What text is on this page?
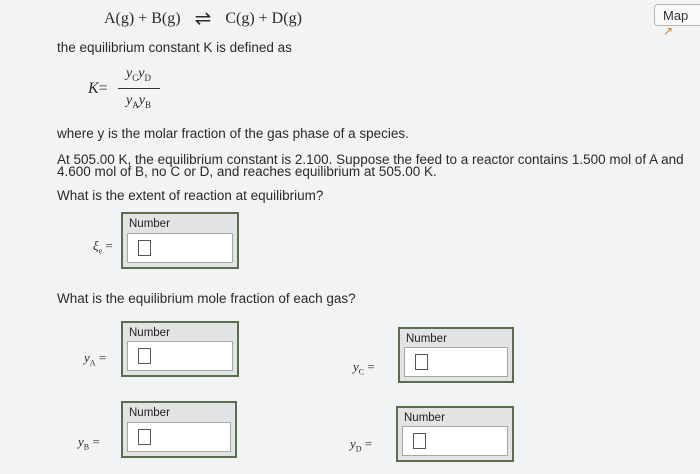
A(g) + B(g) ⇌ C(g) + D(g)	Map ↗
the equilibrium constant K is defined as
K=
$y_Cy_D$
$y_Ay_B$
where y is the molar fraction of the gas phase of a species.
At 505.00 K, the equilibrium constant is 2.100. Suppose the feed to a reactor contains 1.500 mol of A and
4.600 mol of B, no C or D, and reaches equilibrium at 505.00 K.
What is the extent of reaction at equilibrium?
$\xi_e$ =
Number
What is the equilibrium mole fraction of each gas?
$y_A$ =
Number
$y_C$ =
Number
$y_B$ =
Number
$y_D$ =
Number
